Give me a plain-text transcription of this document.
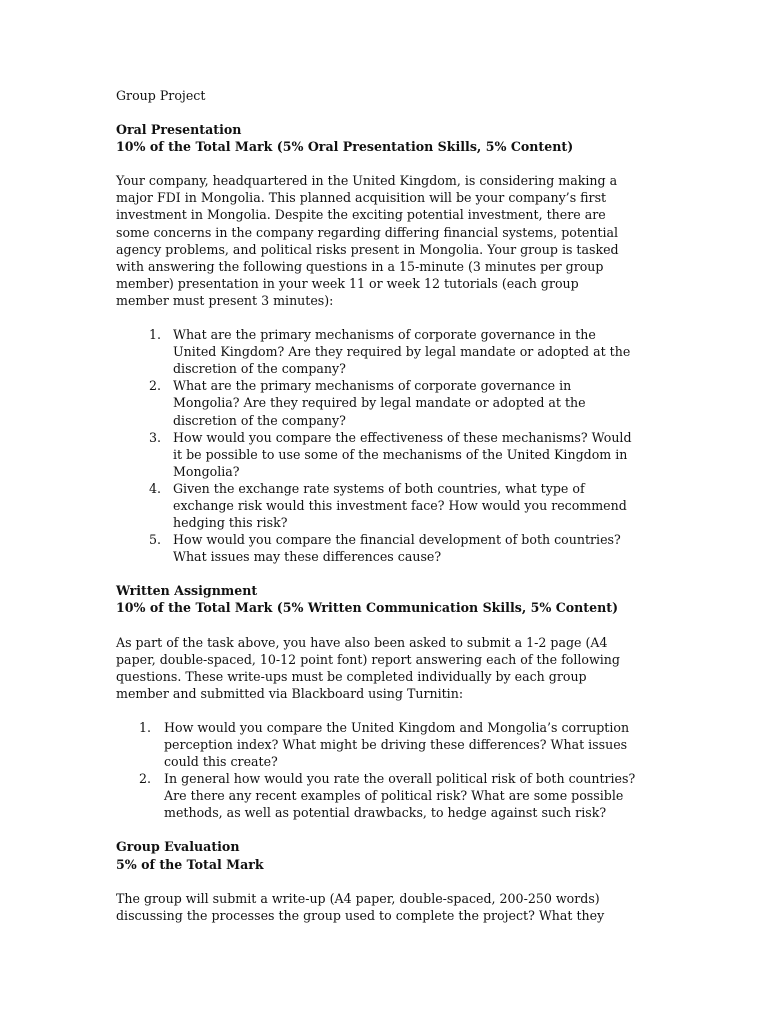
Group Project

Oral Presentation

10% of the Total Mark (5% Oral Presentation Skills, 5% Content)

Your company, headquartered in the United Kingdom, is considering making a
major FDI in Mongolia. This planned acquisition will be your company’s first
investment in Mongolia. Despite the exciting potential investment, there are
some concerns in the company regarding differing financial systems, potential
agency problems, and political risks present in Mongolia. Your group is tasked
with answering the following questions in a 15-minute (3 minutes per group
member) presentation in your week 11 or week 12 tutorials (each group
member must present 3 minutes):
1. What are the primary mechanisms of corporate governance in the
United Kingdom? Are they required by legal mandate or adopted at the
discretion of the company?
2. What are the primary mechanisms of corporate governance in
Mongolia? Are they required by legal mandate or adopted at the
discretion of the company?
3. How would you compare the effectiveness of these mechanisms? Would
it be possible to use some of the mechanisms of the United Kingdom in
Mongolia?
4. Given the exchange rate systems of both countries, what type of
exchange risk would this investment face? How would you recommend
hedging this risk?
5. How would you compare the financial development of both countries?
What issues may these differences cause?

Written Assignment

10% of the Total Mark (5% Written Communication Skills, 5% Content)

As part of the task above, you have also been asked to submit a 1-2 page (A4
paper, double-spaced, 10-12 point font) report answering each of the following
questions. These write-ups must be completed individually by each group
member and submitted via Blackboard using Turnitin:
1. How would you compare the United Kingdom and Mongolia’s corruption
perception index? What might be driving these differences? What issues
could this create?
2. In general how would you rate the overall political risk of both countries?
Are there any recent examples of political risk? What are some possible
methods, as well as potential drawbacks, to hedge against such risk?

Group Evaluation

5% of the Total Mark

The group will submit a write-up (A4 paper, double-spaced, 200-250 words)
discussing the processes the group used to complete the project? What they
